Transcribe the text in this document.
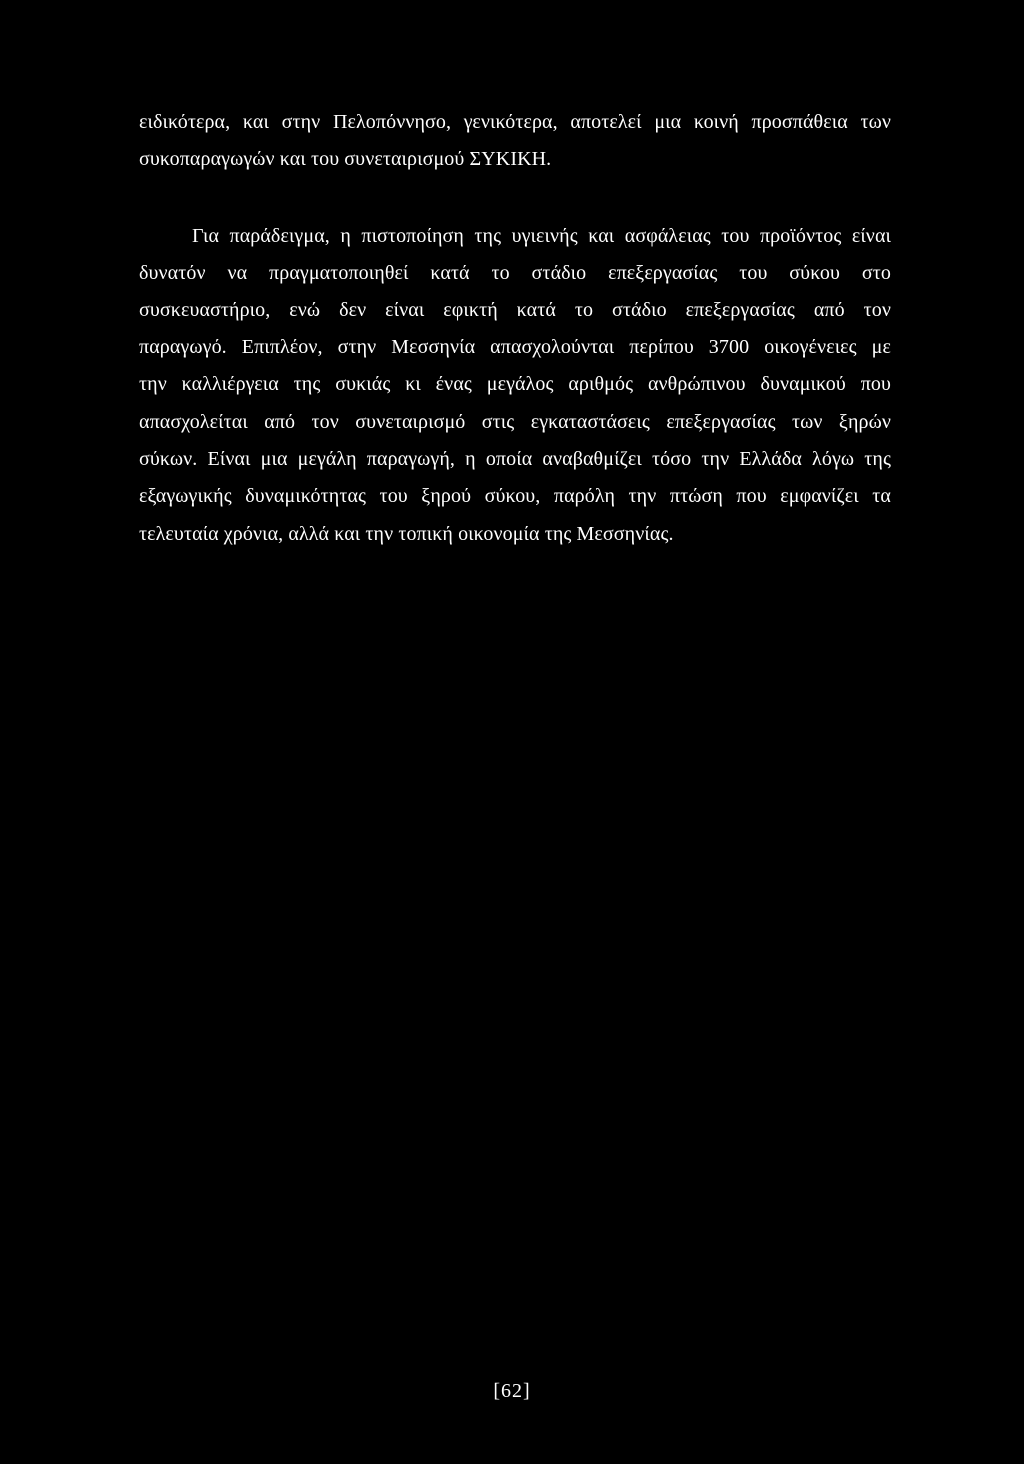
ειδικότερα, και στην Πελοπόννησο, γενικότερα, αποτελεί μια κοινή προσπάθεια των
συκοπαραγωγών και του συνεταιρισμού ΣΥΚΙΚΗ.
Για παράδειγμα, η πιστοποίηση της υγιεινής και ασφάλειας του προϊόντος είναι
δυνατόν να πραγματοποιηθεί κατά το στάδιο επεξεργασίας του σύκου στο
συσκευαστήριο, ενώ δεν είναι εφικτή κατά το στάδιο επεξεργασίας από τον
παραγωγό. Επιπλέον, στην Μεσσηνία απασχολούνται περίπου 3700 οικογένειες με
την καλλιέργεια της συκιάς κι ένας μεγάλος αριθμός ανθρώπινου δυναμικού που
απασχολείται από τον συνεταιρισμό στις εγκαταστάσεις επεξεργασίας των ξηρών
σύκων. Είναι μια μεγάλη παραγωγή, η οποία αναβαθμίζει τόσο την Ελλάδα λόγω της
εξαγωγικής δυναμικότητας του ξηρού σύκου, παρόλη την πτώση που εμφανίζει τα
τελευταία χρόνια, αλλά και την τοπική οικονομία της Μεσσηνίας.
[62]
